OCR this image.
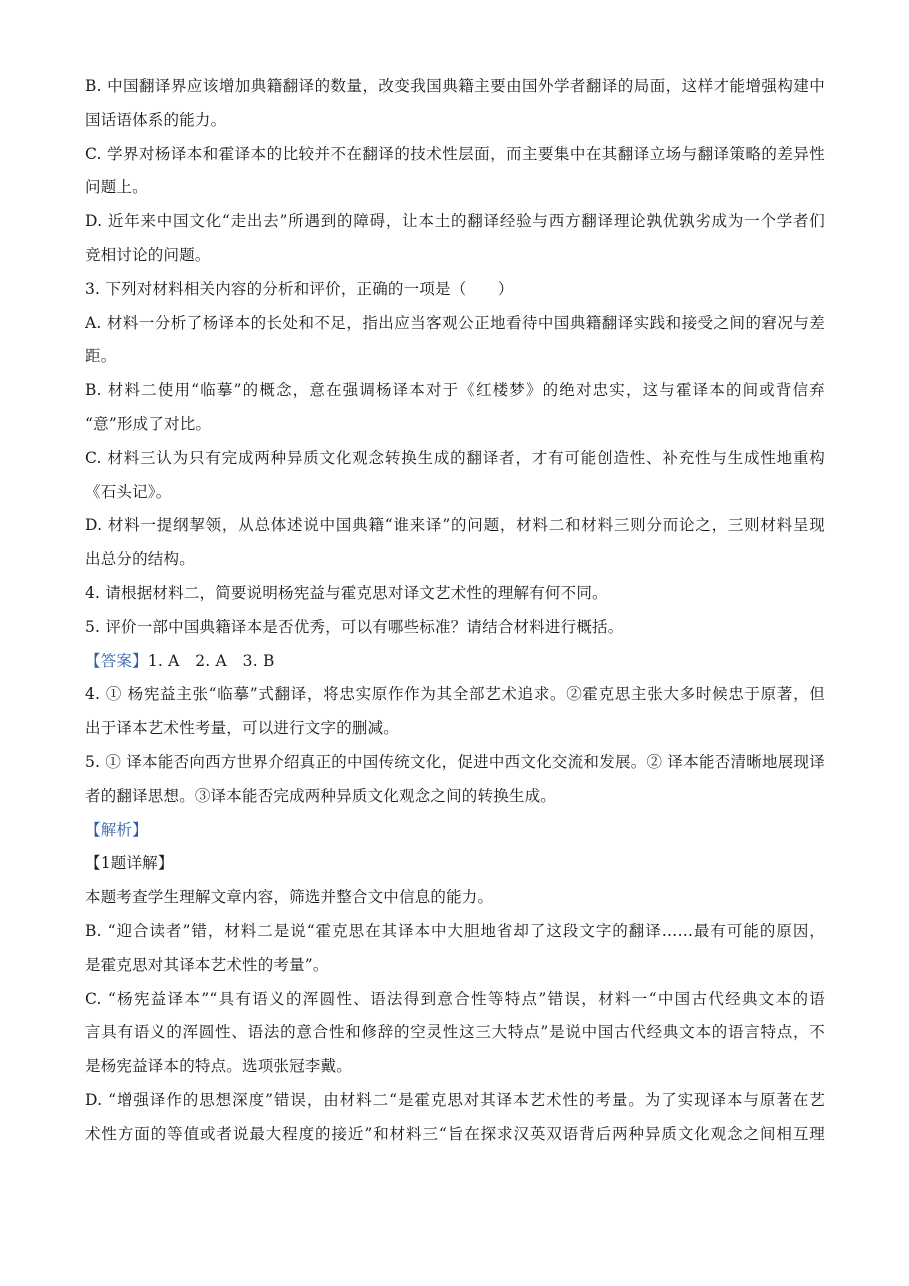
B. 中国翻译界应该增加典籍翻译的数量，改变我国典籍主要由国外学者翻译的局面，这样才能增强构建中
国话语体系的能力。
C. 学界对杨译本和霍译本的比较并不在翻译的技术性层面，而主要集中在其翻译立场与翻译策略的差异性
问题上。
D. 近年来中国文化“走出去”所遇到的障碍，让本土的翻译经验与西方翻译理论孰优孰劣成为一个学者们
竞相讨论的问题。
3. 下列对材料相关内容的分析和评价，正确的一项是（　　）
A. 材料一分析了杨译本的长处和不足，指出应当客观公正地看待中国典籍翻译实践和接受之间的窘况与差
距。
B. 材料二使用“临摹”的概念，意在强调杨译本对于《红楼梦》的绝对忠实，这与霍译本的间或背信弃
“意”形成了对比。
C. 材料三认为只有完成两种异质文化观念转换生成的翻译者，才有可能创造性、补充性与生成性地重构
《石头记》。
D. 材料一提纲挈领，从总体述说中国典籍“谁来译”的问题，材料二和材料三则分而论之，三则材料呈现
出总分的结构。
4. 请根据材料二，简要说明杨宪益与霍克思对译文艺术性的理解有何不同。
5. 评价一部中国典籍译本是否优秀，可以有哪些标准？请结合材料进行概括。
【答案】1. A　2. A　3. B
4. ① 杨宪益主张“临摹”式翻译，将忠实原作作为其全部艺术追求。②霍克思主张大多时候忠于原著，但
出于译本艺术性考量，可以进行文字的删减。
5. ① 译本能否向西方世界介绍真正的中国传统文化，促进中西文化交流和发展。② 译本能否清晰地展现译
者的翻译思想。③译本能否完成两种异质文化观念之间的转换生成。
【解析】
【1题详解】
本题考查学生理解文章内容，筛选并整合文中信息的能力。
B. “迎合读者”错，材料二是说“霍克思在其译本中大胆地省却了这段文字的翻译……最有可能的原因，
是霍克思对其译本艺术性的考量”。
C. “杨宪益译本”“具有语义的浑圆性、语法得到意合性等特点”错误，材料一“中国古代经典文本的语
言具有语义的浑圆性、语法的意合性和修辞的空灵性这三大特点”是说中国古代经典文本的语言特点，不
是杨宪益译本的特点。选项张冠李戴。
D. “增强译作的思想深度”错误，由材料二“是霍克思对其译本艺术性的考量。为了实现译本与原著在艺
术性方面的等值或者说最大程度的接近”和材料三“旨在探求汉英双语背后两种异质文化观念之间相互理
